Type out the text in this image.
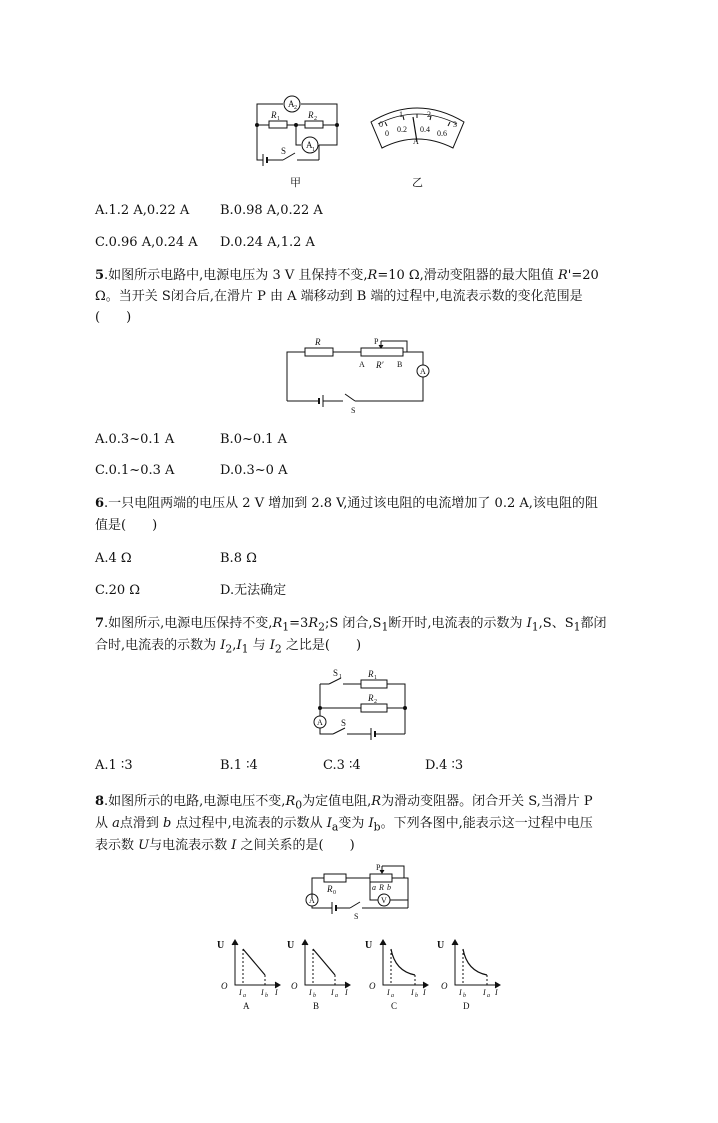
A 2
A 1
R 1	R 2
S
甲
0
1	2
3
0 0.2 0.4 0.6
A
乙
A.1.2 A,0.22 A B.0.98 A,0.22 A
C.0.96 A,0.24 A D.0.24 A,1.2 A
5.如图所示电路中,电源电压为 3 V 且保持不变,R=10 Ω,滑动变阻器的最大阻值 R'=20
Ω。当开关 S闭合后,在滑片 P 由 A 端移动到 B 端的过程中,电流表示数的变化范围是
(　　)
R	P
A R′ B
A
S
A.0.3~0.1 A	B.0~0.1 A
C.0.1~0.3 A	D.0.3~0 A
6.一只电阻两端的电压从 2 V 增加到 2.8 V,通过该电阻的电流增加了 0.2 A,该电阻的阻
值是(　　)
A.4 Ω	B.8 Ω
C.20 Ω	D.无法确定
7.如图所示,电源电压保持不变$,R_1=3R_2;S$ 闭合$,S_1$断开时,电流表的示数为 $I_1,S$、$S_1$都闭
合时,电流表的示数为 $I_2,I_1$ 与 $I_2$ 之比是(　　)
S 1	R 1
R 2
A S
A.1 ∶3	B.1 ∶4	C.3 ∶4	D.4 ∶3
8.如图所示的电路,电源电压不变$,R_0$为定值电阻,R为滑动变阻器。闭合开关 S,当滑片 P
从 a点滑到 b 点过程中,电流表的示数从 $I_a$变为 $I_b$。下列各图中,能表示这一过程中电压
表示数 U与电流表示数 I 之间关系的是(　　)
P
R 0
a R b
A	V
S
U
O
I a I b I
A
U
O
I b I a I
B
U
O
I a I b I
C
U
O
I b I a I
D
